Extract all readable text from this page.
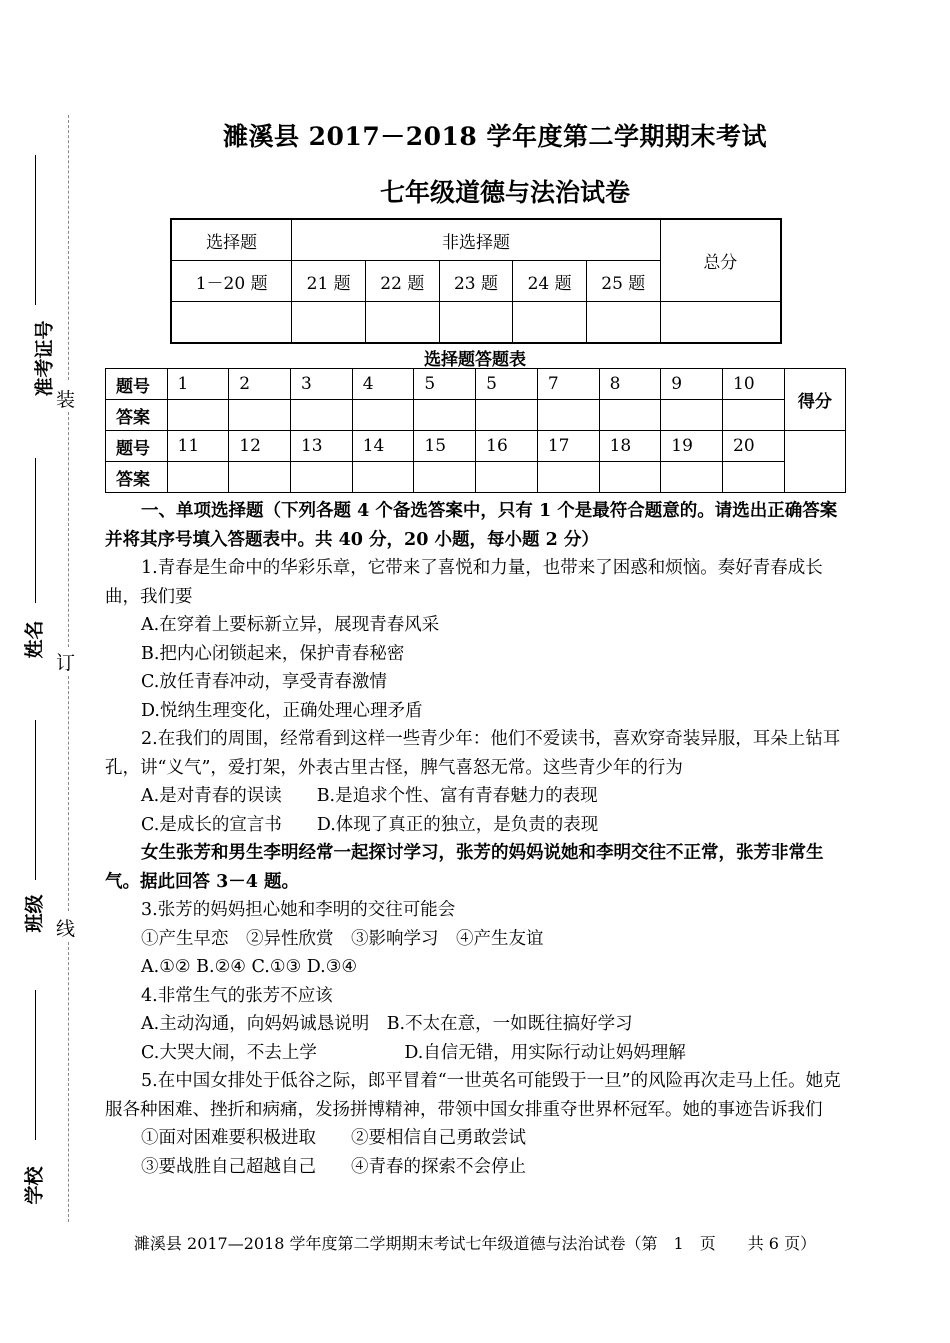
准考证号
姓名
班级
学校
装
订
线
濉溪县 2017－2018 学年度第二学期期末考试
七年级道德与法治试卷
选择题	非选择题					总分
1－20 题	21 题	22 题	23 题	24 题	25 题	

选择题答题表
题号	1	2	3	4	5	5	7	8	9	10	得分
答案											
题号	11	12	13	14	15	16	17	18	19	20	
答案											

一、单项选择题（下列各题 4 个备选答案中，只有 1 个是最符合题意的。请选出正确答案并将其序号填入答题表中。共 40 分，20 小题，每小题 2 分）

1.青春是生命中的华彩乐章，它带来了喜悦和力量，也带来了困惑和烦恼。奏好青春成长曲，我们要

A.在穿着上要标新立异，展现青春风采

B.把内心闭锁起来，保护青春秘密

C.放任青春冲动，享受青春激情

D.悦纳生理变化，正确处理心理矛盾

2.在我们的周围，经常看到这样一些青少年：他们不爱读书，喜欢穿奇装异服，耳朵上钻耳孔，讲“义气”，爱打架，外表古里古怪，脾气喜怒无常。这些青少年的行为

A.是对青春的误读　　B.是追求个性、富有青春魅力的表现

C.是成长的宣言书　　D.体现了真正的独立，是负责的表现

女生张芳和男生李明经常一起探讨学习，张芳的妈妈说她和李明交往不正常，张芳非常生气。据此回答 3－4 题。

3.张芳的妈妈担心她和李明的交往可能会

①产生早恋　②异性欣赏　③影响学习　④产生友谊

A.①② B.②④ C.①③ D.③④

4.非常生气的张芳不应该

A.主动沟通，向妈妈诚恳说明　B.不太在意，一如既往搞好学习

C.大哭大闹，不去上学　　　　　D.自信无错，用实际行动让妈妈理解

5.在中国女排处于低谷之际，郎平冒着“一世英名可能毁于一旦”的风险再次走马上任。她克服各种困难、挫折和病痛，发扬拼博精神，带领中国女排重夺世界杯冠军。她的事迹告诉我们

①面对困难要积极进取　　②要相信自己勇敢尝试

③要战胜自己超越自己　　④青春的探索不会停止

濉溪县 2017—2018 学年度第二学期期末考试七年级道德与法治试卷（第　1　页　　共 6 页）
